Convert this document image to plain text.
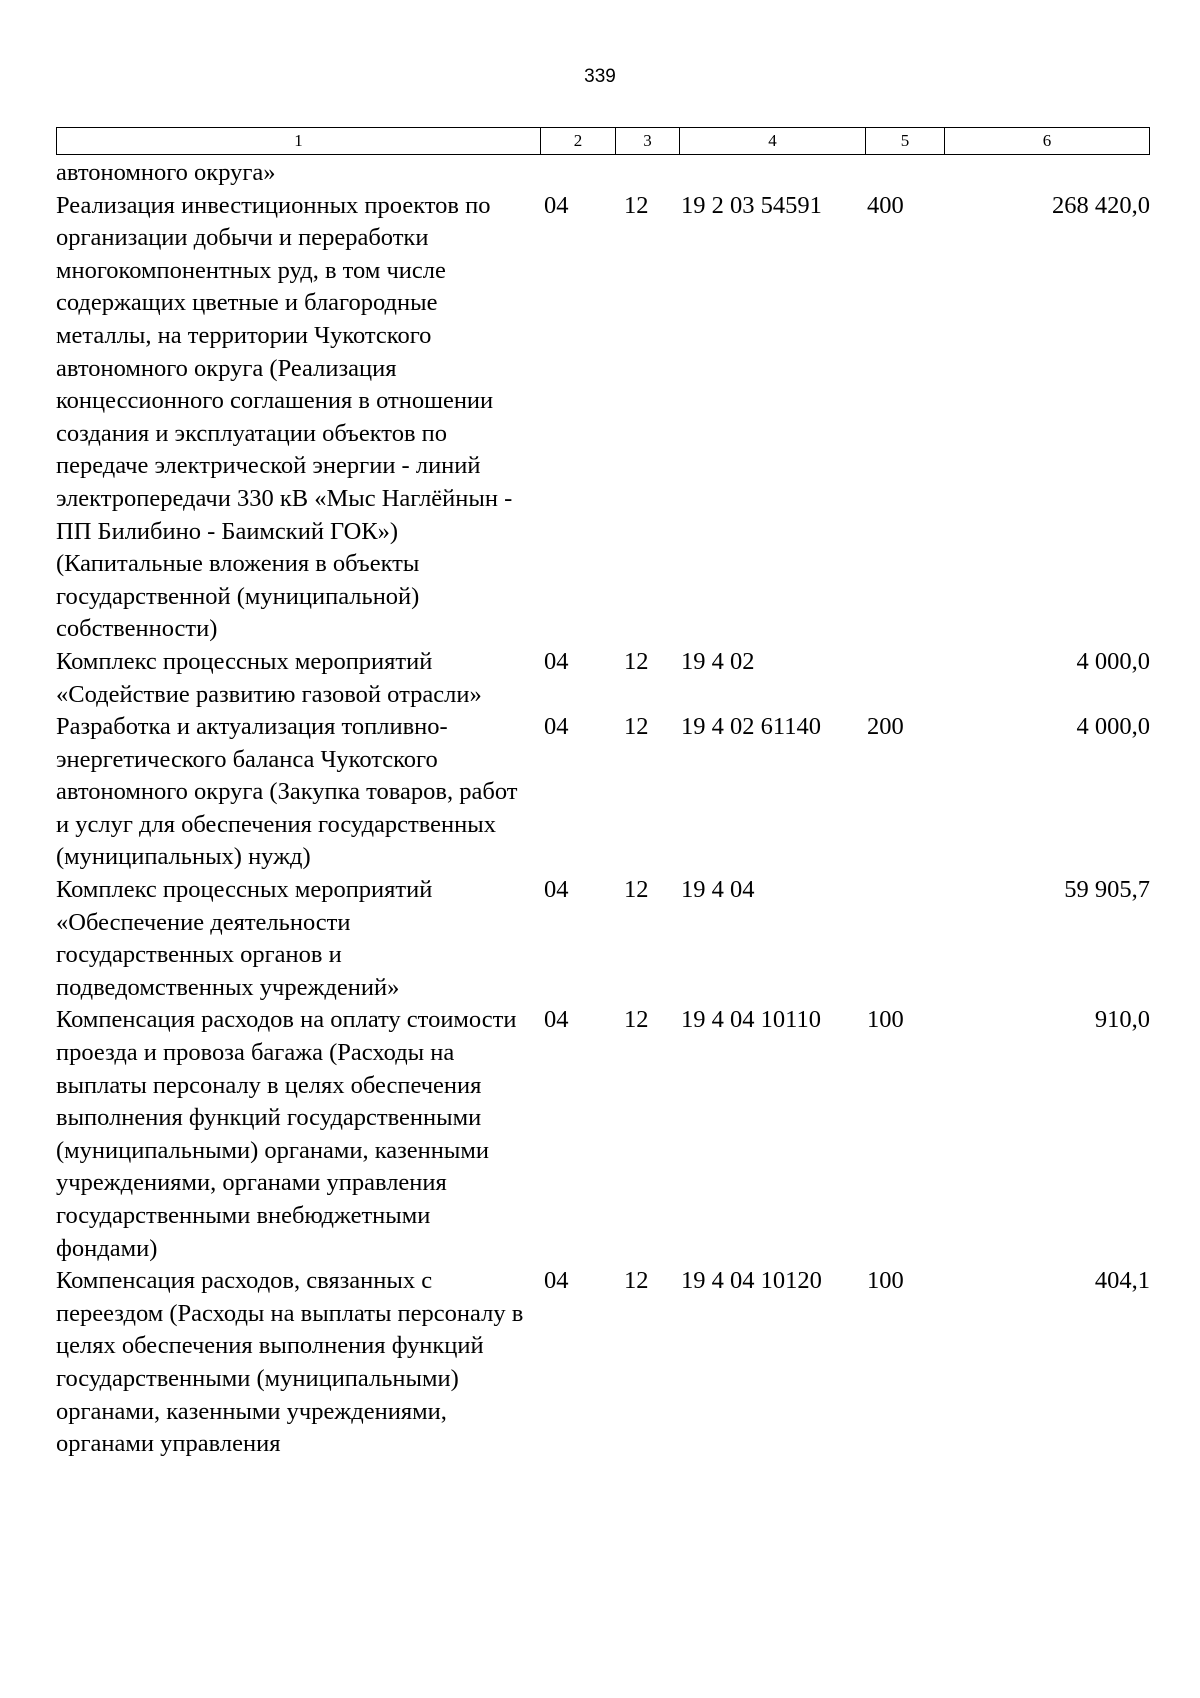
339
1	2	3	4	5	6
автономного округа»					
Реализация инвестиционных проектов по организации добычи и переработки многокомпонентных руд, в том числе содержащих цветные и благородные металлы, на территории Чукотского автономного округа (Реализация концессионного соглашения в отношении создания и эксплуатации объектов по передаче электрической энергии - линий электропередачи 330 кВ «Мыс Наглёйнын - ПП Билибино - Баимский ГОК») (Капитальные вложения в объекты государственной (муниципальной) собственности)	04	12	19 2 03 54591	400	268 420,0
Комплекс процессных мероприятий «Содействие развитию газовой отрасли»	04	12	19 4 02		4 000,0
Разработка и актуализация топливно-энергетического баланса Чукотского автономного округа (Закупка товаров, работ и услуг для обеспечения государственных (муниципальных) нужд)	04	12	19 4 02 61140	200	4 000,0
Комплекс процессных мероприятий «Обеспечение деятельности государственных органов и подведомственных учреждений»	04	12	19 4 04		59 905,7
Компенсация расходов на оплату стоимости проезда и провоза багажа (Расходы на выплаты персоналу в целях обеспечения выполнения функций государственными (муниципальными) органами, казенными учреждениями, органами управления государственными внебюджетными фондами)	04	12	19 4 04 10110	100	910,0
Компенсация расходов, связанных с переездом (Расходы на выплаты персоналу в целях обеспечения выполнения функций государственными (муниципальными) органами, казенными учреждениями, органами управления	04	12	19 4 04 10120	100	404,1
